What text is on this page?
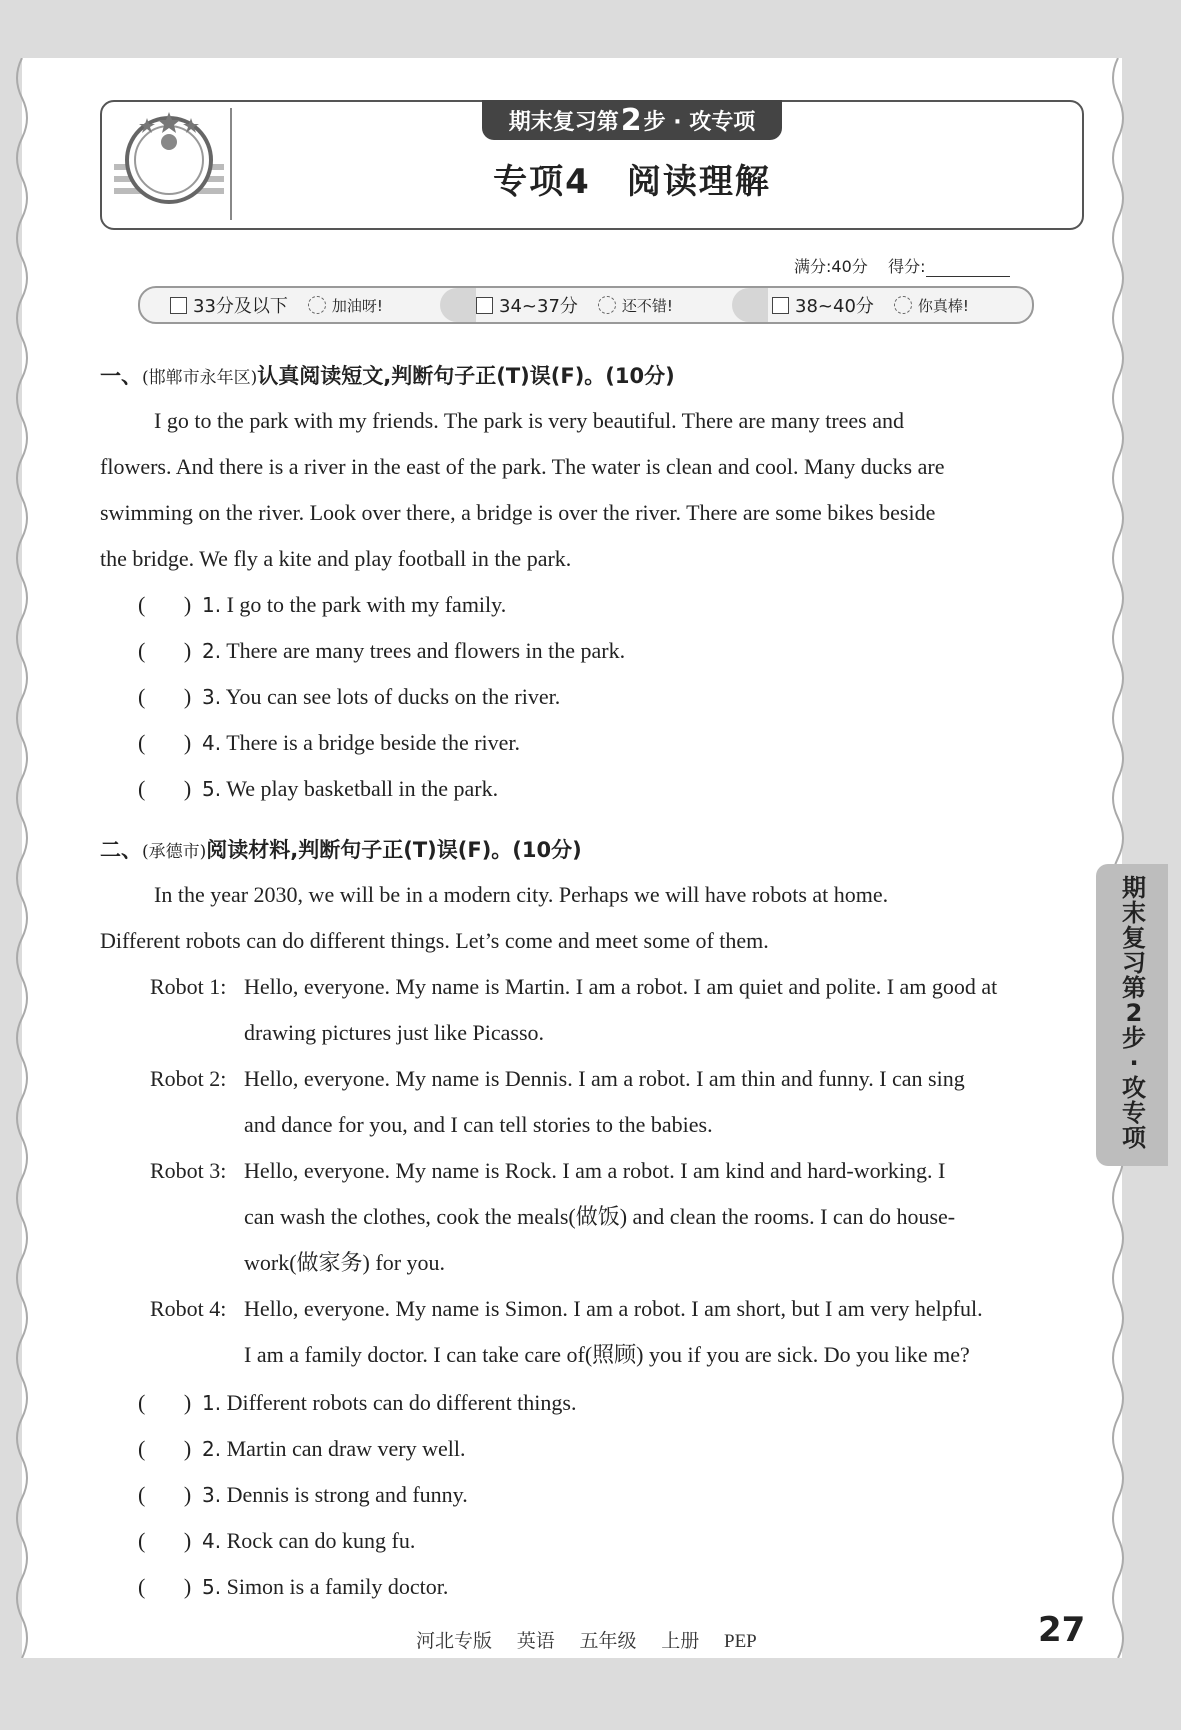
期末复习第 2 步 · 攻专项
专项4　阅读理解
满分:40分 得分:
33分及以下	加油呀!	34~37分	还不错!	38~40分	你真棒!
一、(邯郸市永年区)认真阅读短文,判断句子正(T)误(F)。(10分)
I go to the park with my friends. The park is very beautiful. There are many trees and
flowers. And there is a river in the east of the park. The water is clean and cool. Many ducks are
swimming on the river. Look over there, a bridge is over the river. There are some bikes beside
the bridge. We fly a kite and play football in the park.
(       ) 1. I go to the park with my family.
(       ) 2. There are many trees and flowers in the park.
(       ) 3. You can see lots of ducks on the river.
(       ) 4. There is a bridge beside the river.
(       ) 5. We play basketball in the park.
二、(承德市)阅读材料,判断句子正(T)误(F)。(10分)
In the year 2030, we will be in a modern city. Perhaps we will have robots at home.
Different robots can do different things. Let’s come and meet some of them.
Robot 1: Hello, everyone. My name is Martin. I am a robot. I am quiet and polite. I am good at
drawing pictures just like Picasso.
Robot 2: Hello, everyone. My name is Dennis. I am a robot. I am thin and funny. I can sing
and dance for you, and I can tell stories to the babies.
Robot 3: Hello, everyone. My name is Rock. I am a robot. I am kind and hard-working. I
can wash the clothes, cook the meals(做饭) and clean the rooms. I can do house-
work(做家务) for you.
Robot 4: Hello, everyone. My name is Simon. I am a robot. I am short, but I am very helpful.
I am a family doctor. I can take care of(照顾) you if you are sick. Do you like me?
(       ) 1. Different robots can do different things.
(       ) 2. Martin can draw very well.
(       ) 3. Dennis is strong and funny.
(       ) 4. Rock can do kung fu.
(       ) 5. Simon is a family doctor.
期末复习第2步·攻专项
河北专版 英语 五年级 上册 PEP	27
